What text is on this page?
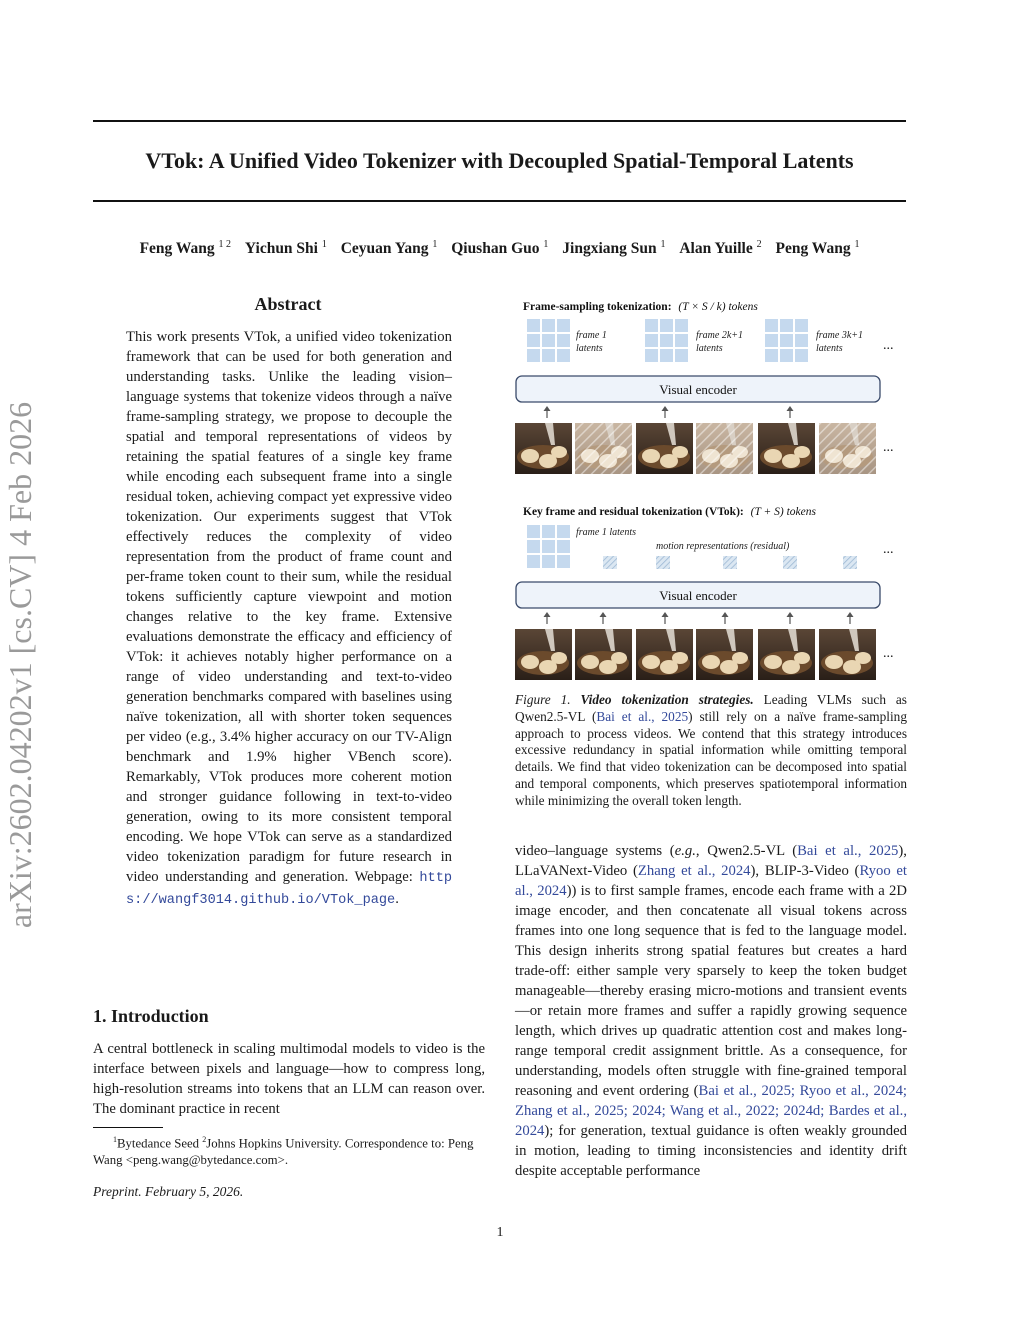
arXiv:2602.04202v1 [cs.CV] 4 Feb 2026
VTok: A Unified Video Tokenizer with Decoupled Spatial-Temporal Latents
Feng Wang $^{1 2}$ Yichun Shi $^1$ Ceyuan Yang $^1$ Qiushan Guo $^1$ Jingxiang Sun $^1$ Alan Yuille $^2$ Peng Wang $^1$
Abstract
This work presents VTok, a unified video tokenization framework that can be used for both generation and understanding tasks. Unlike the leading vision–language systems that tokenize videos through a naïve frame-sampling strategy, we propose to decouple the spatial and temporal representations of videos by retaining the spatial features of a single key frame while encoding each subsequent frame into a single residual token, achieving compact yet expressive video tokenization. Our experiments suggest that VTok effectively reduces the complexity of video representation from the product of frame count and per-frame token count to their sum, while the residual tokens sufficiently capture viewpoint and motion changes relative to the key frame. Extensive evaluations demonstrate the efficacy and efficiency of VTok: it achieves notably higher performance on a range of video understanding and text-to-video generation benchmarks compared with baselines using naïve tokenization, all with shorter token sequences per video (e.g., 3.4% higher accuracy on our TV-Align benchmark and 1.9% higher VBench score). Remarkably, VTok produces more coherent motion and stronger guidance following in text-to-video generation, owing to its more consistent temporal encoding. We hope VTok can serve as a standardized video tokenization paradigm for future research in video understanding and generation. Webpage: https://wangf3014.github.io/VTok_page.
1. Introduction
A central bottleneck in scaling multimodal models to video is the interface between pixels and language—how to compress long, high-resolution streams into tokens that an LLM can reason over. The dominant practice in recent
$^1$Bytedance Seed $^2$Johns Hopkins University. Correspondence to: Peng Wang <peng.wang@bytedance.com>.
Preprint. February 5, 2026.
1
Frame-sampling tokenization: (T × S / k) tokens
frame 1
latents
frame 2k+1
latents
frame 3k+1
latents	...
Visual encoder
...
Key frame and residual tokenization (VTok): (T + S) tokens
frame 1 latents
motion representations (residual)	...
Visual encoder
...
Figure 1. Video tokenization strategies. Leading VLMs such as Qwen2.5-VL (Bai et al., 2025) still rely on a naïve frame-sampling approach to process videos. We contend that this strategy introduces excessive redundancy in spatial information while omitting temporal details. We find that video tokenization can be decomposed into spatial and temporal components, which preserves spatiotemporal information while minimizing the overall token length.
video–language systems (e.g., Qwen2.5-VL (Bai et al., 2025), LLaVANext-Video (Zhang et al., 2024), BLIP-3-Video (Ryoo et al., 2024)) is to first sample frames, encode each frame with a 2D image encoder, and then concatenate all visual tokens across frames into one long sequence that is fed to the language model. This design inherits strong spatial features but creates a hard trade-off: either sample very sparsely to keep the token budget manageable—thereby erasing micro-motions and transient events—or retain more frames and suffer a rapidly growing sequence length, which drives up quadratic attention cost and makes long-range temporal credit assignment brittle. As a consequence, for understanding, models often struggle with fine-grained temporal reasoning and event ordering (Bai et al., 2025; Ryoo et al., 2024; Zhang et al., 2025; 2024; Wang et al., 2022; 2024d; Bardes et al., 2024); for generation, textual guidance is often weakly grounded in motion, leading to timing inconsistencies and identity drift despite acceptable performance
